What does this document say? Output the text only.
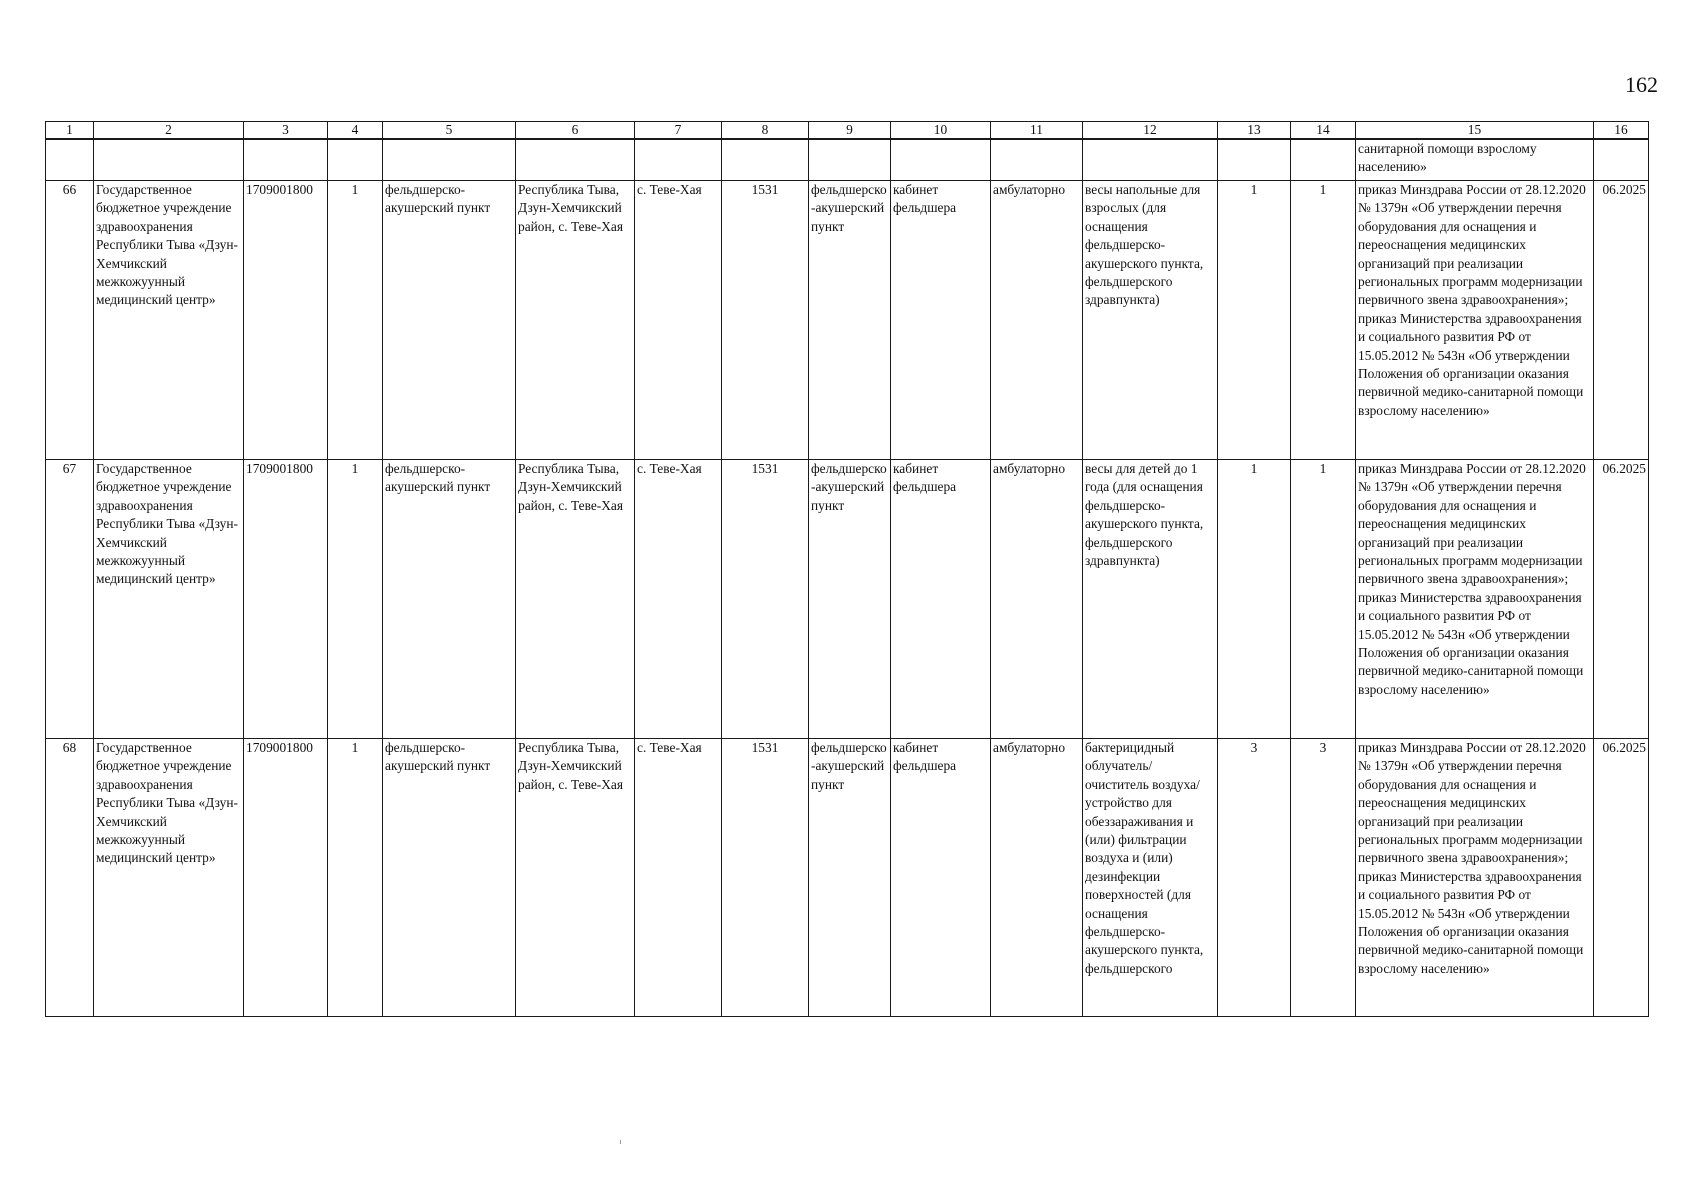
162
1	2	3	4	5	6	7	8	9	10	11	12	13	14	15	16
														санитарной помощи взрослому населению»	
66	Государственное бюджетное учреждение здравоохранения Республики Тыва «Дзун-Хемчикский межкожуунный медицинский центр»	1709001800	1	фельдшерско-акушерский пункт	Республика Тыва, Дзун-Хемчикский район, с. Теве-Хая	с. Теве-Хая	1531	фельдшерско-акушерский пункт	кабинет фельдшера	амбулаторно	весы напольные для взрослых (для оснащения фельдшерско-акушерского пункта, фельдшерского здравпункта)	1	1	приказ Минздрава России от 28.12.2020 № 1379н «Об утверждении перечня оборудования для оснащения и переоснащения медицинских организаций при реализации региональных программ модернизации первичного звена здравоохранения»; приказ Министерства здравоохранения и социального развития РФ от 15.05.2012 № 543н «Об утверждении Положения об организации оказания первичной медико-санитарной помощи взрослому населению»	06.2025
67	Государственное бюджетное учреждение здравоохранения Республики Тыва «Дзун-Хемчикский межкожуунный медицинский центр»	1709001800	1	фельдшерско-акушерский пункт	Республика Тыва, Дзун-Хемчикский район, с. Теве-Хая	с. Теве-Хая	1531	фельдшерско-акушерский пункт	кабинет фельдшера	амбулаторно	весы для детей до 1 года (для оснащения фельдшерско-акушерского пункта, фельдшерского здравпункта)	1	1	приказ Минздрава России от 28.12.2020 № 1379н «Об утверждении перечня оборудования для оснащения и переоснащения медицинских организаций при реализации региональных программ модернизации первичного звена здравоохранения»; приказ Министерства здравоохранения и социального развития РФ от 15.05.2012 № 543н «Об утверждении Положения об организации оказания первичной медико-санитарной помощи взрослому населению»	06.2025
68	Государственное бюджетное учреждение здравоохранения Республики Тыва «Дзун-Хемчикский межкожуунный медицинский центр»	1709001800	1	фельдшерско-акушерский пункт	Республика Тыва, Дзун-Хемчикский район, с. Теве-Хая	с. Теве-Хая	1531	фельдшерско-акушерский пункт	кабинет фельдшера	амбулаторно	бактерицидный облучатель/очиститель воздуха/устройство для обеззараживания и (или) фильтрации воздуха и (или) дезинфекции поверхностей (для оснащения фельдшерско-акушерского пункта, фельдшерского	3	3	приказ Минздрава России от 28.12.2020 № 1379н «Об утверждении перечня оборудования для оснащения и переоснащения медицинских организаций при реализации региональных программ модернизации первичного звена здравоохранения»; приказ Министерства здравоохранения и социального развития РФ от 15.05.2012 № 543н «Об утверждении Положения об организации оказания первичной медико-санитарной помощи взрослому населению»	06.2025
